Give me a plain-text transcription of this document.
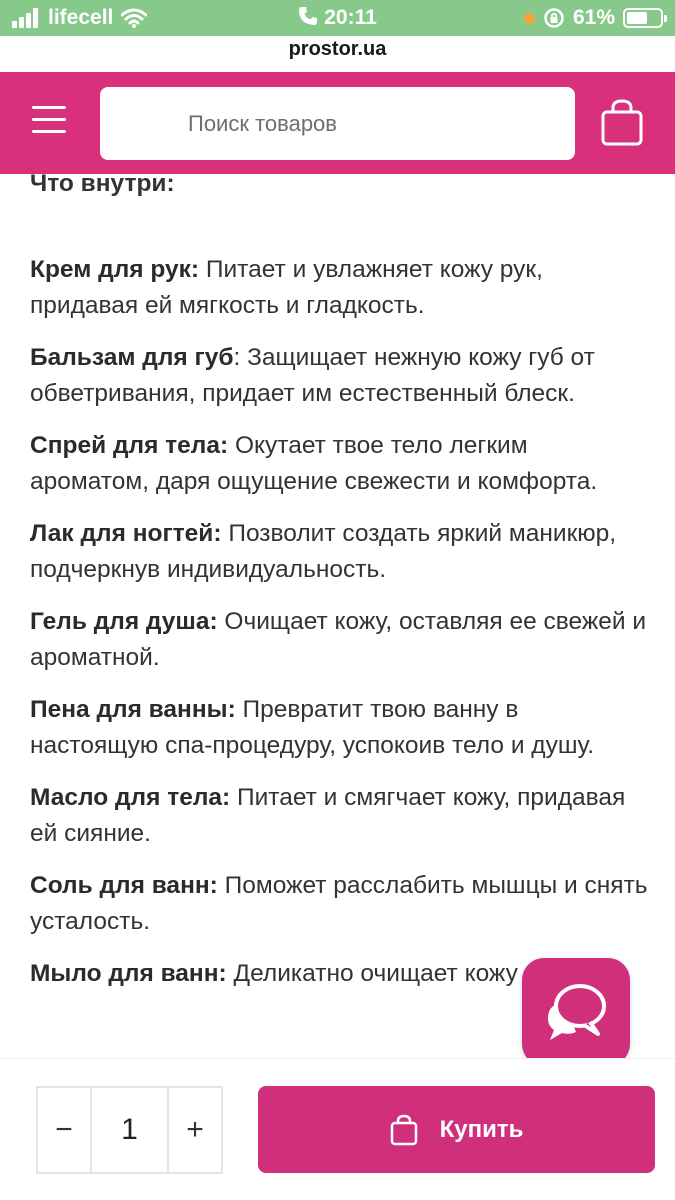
lifecell	20:11	61%
prostor.ua
Поиск товаров
Что внутри:
Крем для рук: Питает и увлажняет кожу рук, придавая ей мягкость и гладкость.
Бальзам для губ: Защищает нежную кожу губ от обветривания, придает им естественный блеск.
Спрей для тела: Окутает твое тело легким ароматом, даря ощущение свежести и комфорта.
Лак для ногтей: Позволит создать яркий маникюр, подчеркнув индивидуальность.
Гель для душа: Очищает кожу, оставляя ее свежей и ароматной.
Пена для ванны: Превратит твою ванну в настоящую спа-процедуру, успокоив тело и душу.
Масло для тела: Питает и смягчает кожу, придавая ей сияние.
Соль для ванн: Поможет расслабить мышцы и снять усталость.
Мыло для ванн: Деликатно очищает кожу
−	1	+	Купить
